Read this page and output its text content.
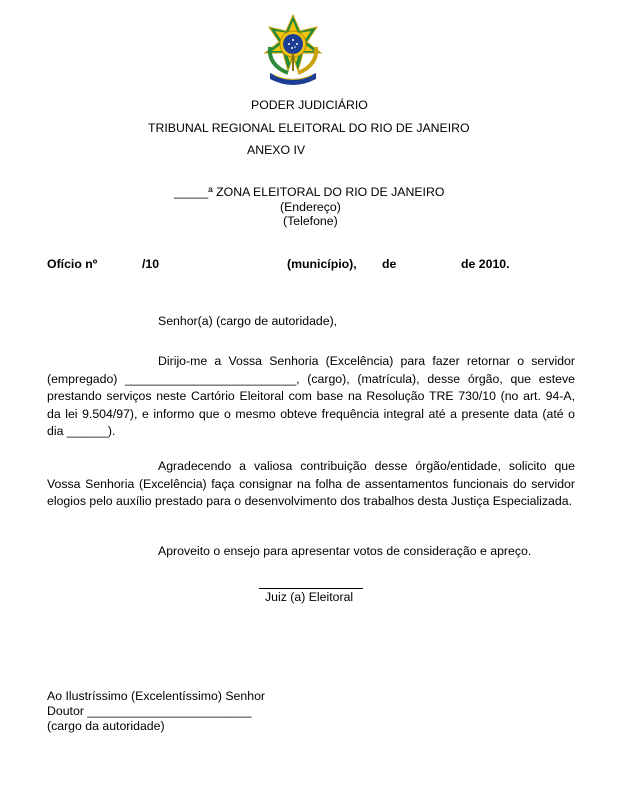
PODER JUDICIÁRIO
TRIBUNAL REGIONAL ELEITORAL DO RIO DE JANEIRO
ANEXO IV
_____ª ZONA ELEITORAL DO RIO DE JANEIRO
(Endereço)
(Telefone)
Ofício nº	/10	(município), de	de 2010.
Senhor(a) (cargo de autoridade),
Dirijo-me a Vossa Senhoria (Excelência) para fazer retornar o servidor (empregado) _________________________, (cargo), (matrícula), desse órgão, que esteve prestando serviços neste Cartório Eleitoral com base na Resolução TRE 730/10 (no art. 94-A, da lei 9.504/97), e informo que o mesmo obteve frequência integral até a presente data (até o dia ______).
Agradecendo a valiosa contribuição desse órgão/entidade, solicito que Vossa Senhoria (Excelência) faça consignar na folha de assentamentos funcionais do servidor elogios pelo auxílio prestado para o desenvolvimento dos trabalhos desta Justiça Especializada.
Aproveito o ensejo para apresentar votos de consideração e apreço.
Juiz (a) Eleitoral
Ao Ilustríssimo (Excelentíssimo) Senhor
Doutor ________________________
(cargo da autoridade)
